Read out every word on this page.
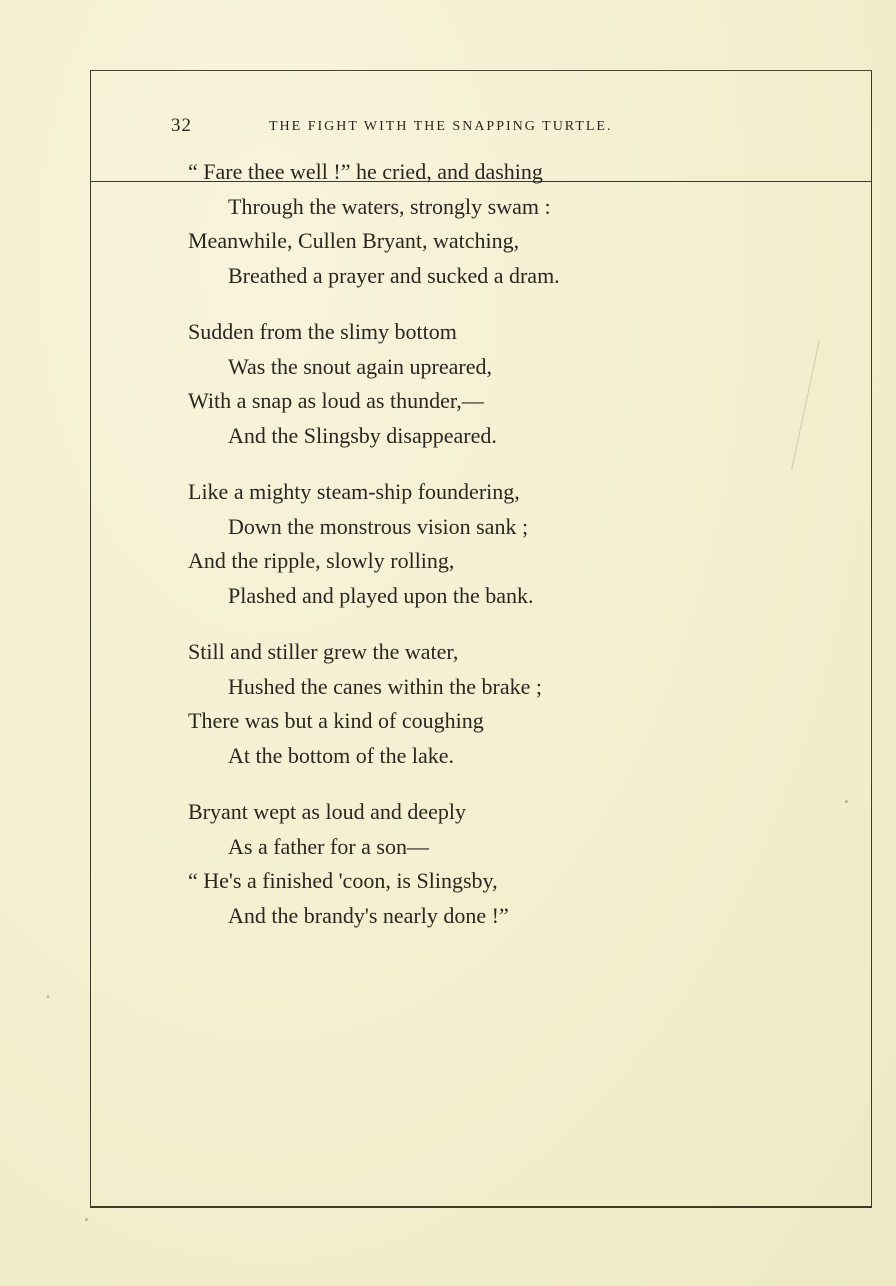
32	THE FIGHT WITH THE SNAPPING TURTLE.
“ Fare thee well !” he cried, and dashing
Through the waters, strongly swam :
Meanwhile, Cullen Bryant, watching,
Breathed a prayer and sucked a dram.
Sudden from the slimy bottom
Was the snout again upreared,
With a snap as loud as thunder,—
And the Slingsby disappeared.
Like a mighty steam-ship foundering,
Down the monstrous vision sank ;
And the ripple, slowly rolling,
Plashed and played upon the bank.
Still and stiller grew the water,
Hushed the canes within the brake ;
There was but a kind of coughing
At the bottom of the lake.
Bryant wept as loud and deeply
As a father for a son—
“ He's a finished 'coon, is Slingsby,
And the brandy's nearly done !”
